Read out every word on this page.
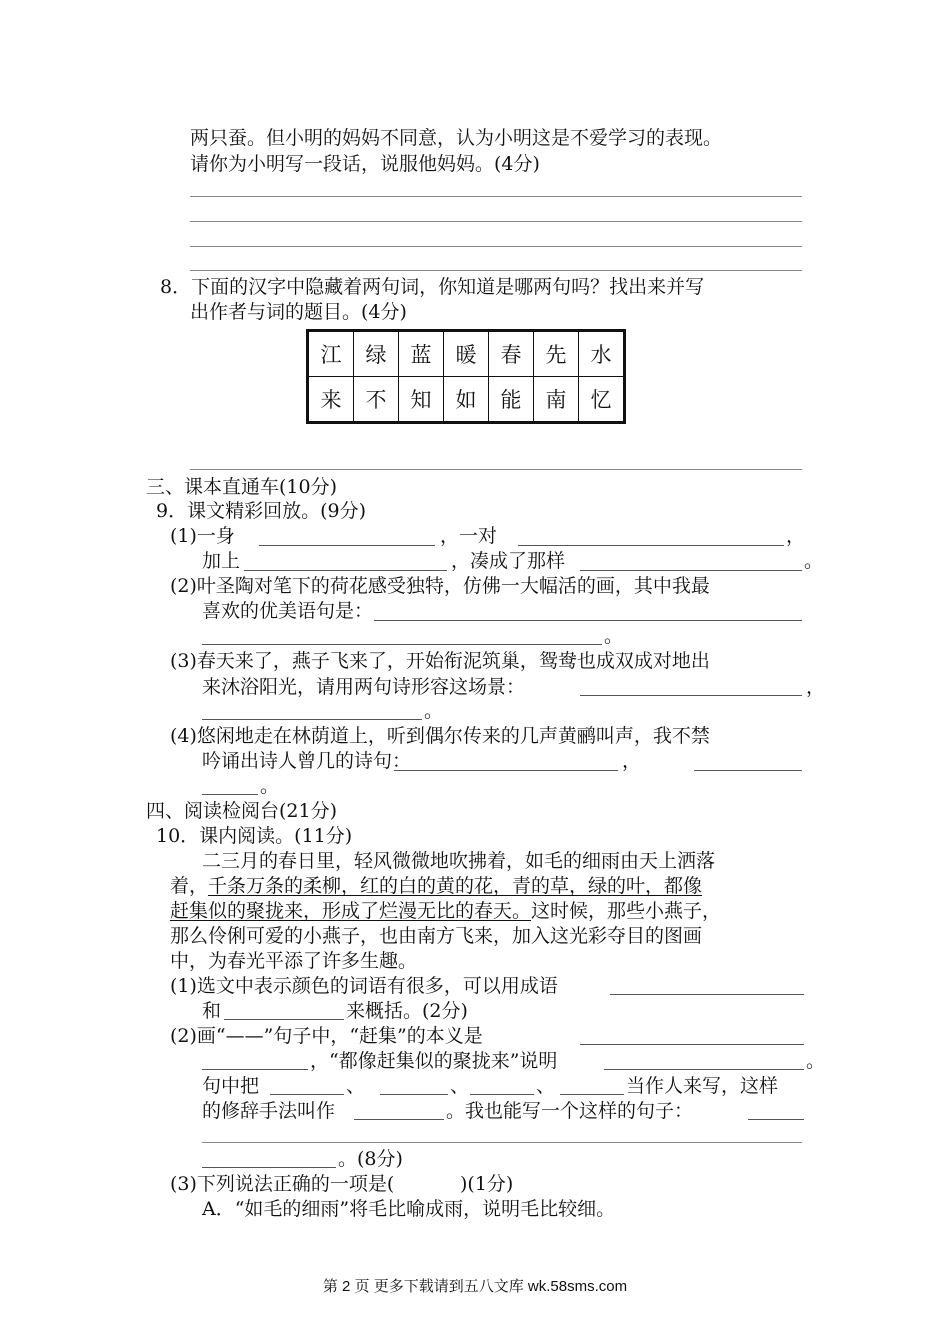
两只蚕。但小明的妈妈不同意，认为小明这是不爱学习的表现。
请你为小明写一段话，说服他妈妈。(4分)
8．下面的汉字中隐藏着两句词，你知道是哪两句吗？找出来并写
出作者与词的题目。(4分)
江	绿	蓝	暖	春	先	水
来	不	知	如	能	南	忆
三、课本直通车(10分)
9．课文精彩回放。(9分)
(1)一身	，一对	，
加上	，凑成了那样	。
(2)叶圣陶对笔下的荷花感受独特，仿佛一大幅活的画，其中我最
喜欢的优美语句是：
。
(3)春天来了，燕子飞来了，开始衔泥筑巢，鸳鸯也成双成对地出
来沐浴阳光，请用两句诗形容这场景：	，
。
(4)悠闲地走在林荫道上，听到偶尔传来的几声黄鹂叫声，我不禁
吟诵出诗人曾几的诗句：	，
。
四、阅读检阅台(21分)
10．课内阅读。(11分)
二三月的春日里，轻风微微地吹拂着，如毛的细雨由天上洒落
着，千条万条的柔柳，红的白的黄的花，青的草，绿的叶，都像
赶集似的聚拢来，形成了烂漫无比的春天。这时候，那些小燕子，
那么伶俐可爱的小燕子，也由南方飞来，加入这光彩夺目的图画
中，为春光平添了许多生趣。
(1)选文中表示颜色的词语有很多，可以用成语
和	来概括。(2分)
(2)画“——”句子中，“赶集”的本义是
，“都像赶集似的聚拢来”说明	。
句中把	、	、	、	当作人来写，这样
的修辞手法叫作	。我也能写一个这样的句子：
。(8分)
(3)下列说法正确的一项是(	)(1分)
A．“如毛的细雨”将毛比喻成雨，说明毛比较细。
第 2 页 更多下载请到五八文库 wk.58sms.com
